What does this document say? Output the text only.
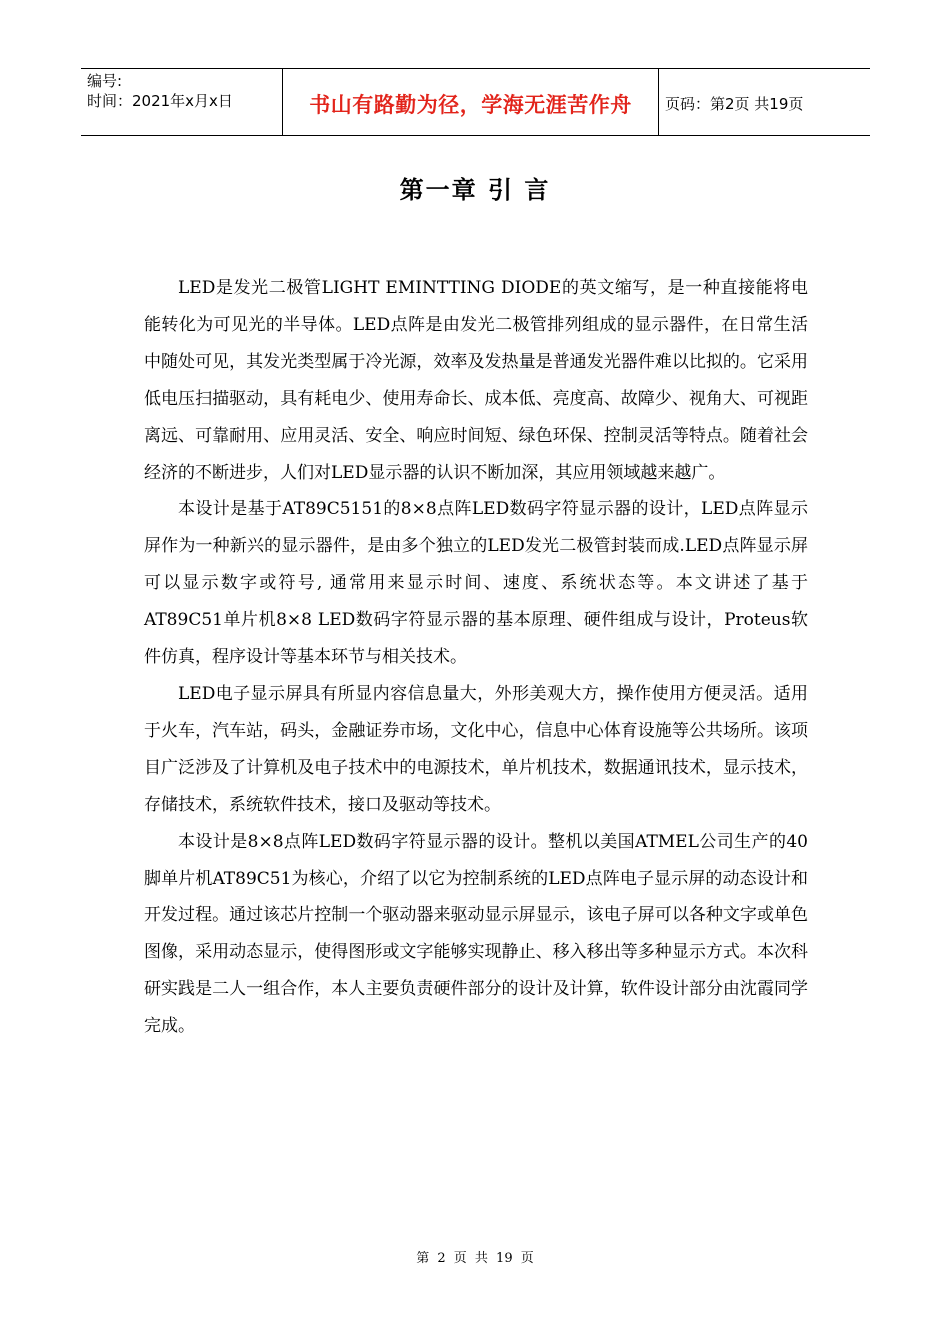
编号:
时间：2021年x月x日	书山有路勤为径，学海无涯苦作舟	页码：第2页 共19页
第一章 引 言

LED是发光二极管LIGHT EMINTTING DIODE的英文缩写，是一种直接能将电能转化为可见光的半导体。LED点阵是由发光二极管排列组成的显示器件，在日常生活中随处可见，其发光类型属于冷光源，效率及发热量是普通发光器件难以比拟的。它采用低电压扫描驱动，具有耗电少、使用寿命长、成本低、亮度高、故障少、视角大、可视距离远、可靠耐用、应用灵活、安全、响应时间短、绿色环保、控制灵活等特点。随着社会经济的不断进步，人们对LED显示器的认识不断加深，其应用领域越来越广。

本设计是基于AT89C5151的8×8点阵LED数码字符显示器的设计，LED点阵显示屏作为一种新兴的显示器件，是由多个独立的LED发光二极管封装而成.LED点阵显示屏可以显示数字或符号, 通常用来显示时间、速度、系统状态等。本文讲述了基于AT89C51单片机8×8 LED数码字符显示器的基本原理、硬件组成与设计，Proteus软件仿真，程序设计等基本环节与相关技术。

LED电子显示屏具有所显内容信息量大，外形美观大方，操作使用方便灵活。适用于火车，汽车站，码头，金融证券市场，文化中心，信息中心体育设施等公共场所。该项目广泛涉及了计算机及电子技术中的电源技术，单片机技术，数据通讯技术，显示技术，存储技术，系统软件技术，接口及驱动等技术。

本设计是8×8点阵LED数码字符显示器的设计。整机以美国ATMEL公司生产的40脚单片机AT89C51为核心，介绍了以它为控制系统的LED点阵电子显示屏的动态设计和开发过程。通过该芯片控制一个驱动器来驱动显示屏显示，该电子屏可以各种文字或单色图像，采用动态显示，使得图形或文字能够实现静止、移入移出等多种显示方式。本次科研实践是二人一组合作，本人主要负责硬件部分的设计及计算，软件设计部分由沈霞同学完成。

第 2 页 共 19 页
